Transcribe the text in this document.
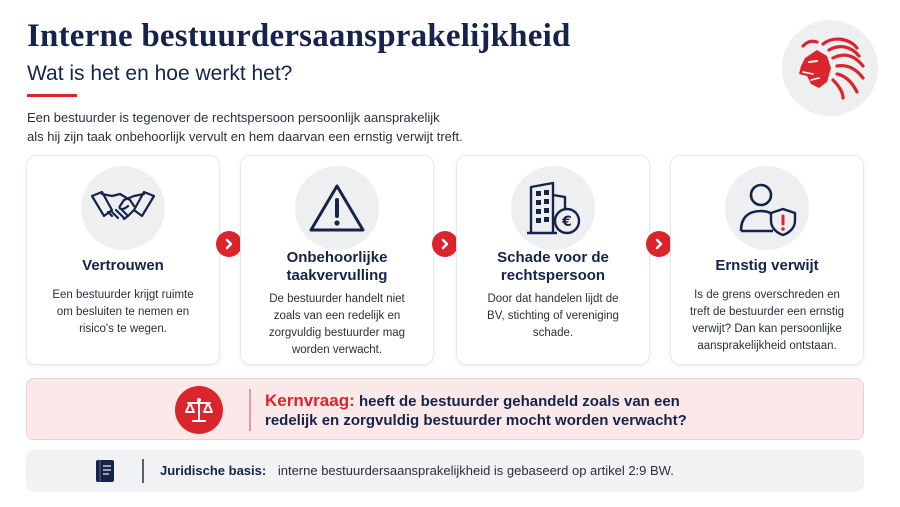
Interne bestuurdersaansprakelijkheid
Wat is het en hoe werkt het?
Een bestuurder is tegenover de rechtspersoon persoonlijk aansprakelijk
als hij zijn taak onbehoorlijk vervult en hem daarvan een ernstig verwijt treft.
Vertrouwen
Een bestuurder krijgt ruimte
om besluiten te nemen en
risico's te wegen.
Onbehoorlijke
taakvervulling
De bestuurder handelt niet
zoals van een redelijk en
zorgvuldig bestuurder mag
worden verwacht.
€
Schade voor de
rechtspersoon
Door dat handelen lijdt de
BV, stichting of vereniging
schade.
Ernstig verwijt
Is de grens overschreden en
treft de bestuurder een ernstig
verwijt? Dan kan persoonlijke
aansprakelijkheid ontstaan.
Kernvraag: heeft de bestuurder gehandeld zoals van een
redelijk en zorgvuldig bestuurder mocht worden verwacht?
Juridische basis: interne bestuurdersaansprakelijkheid is gebaseerd op artikel 2:9 BW.
